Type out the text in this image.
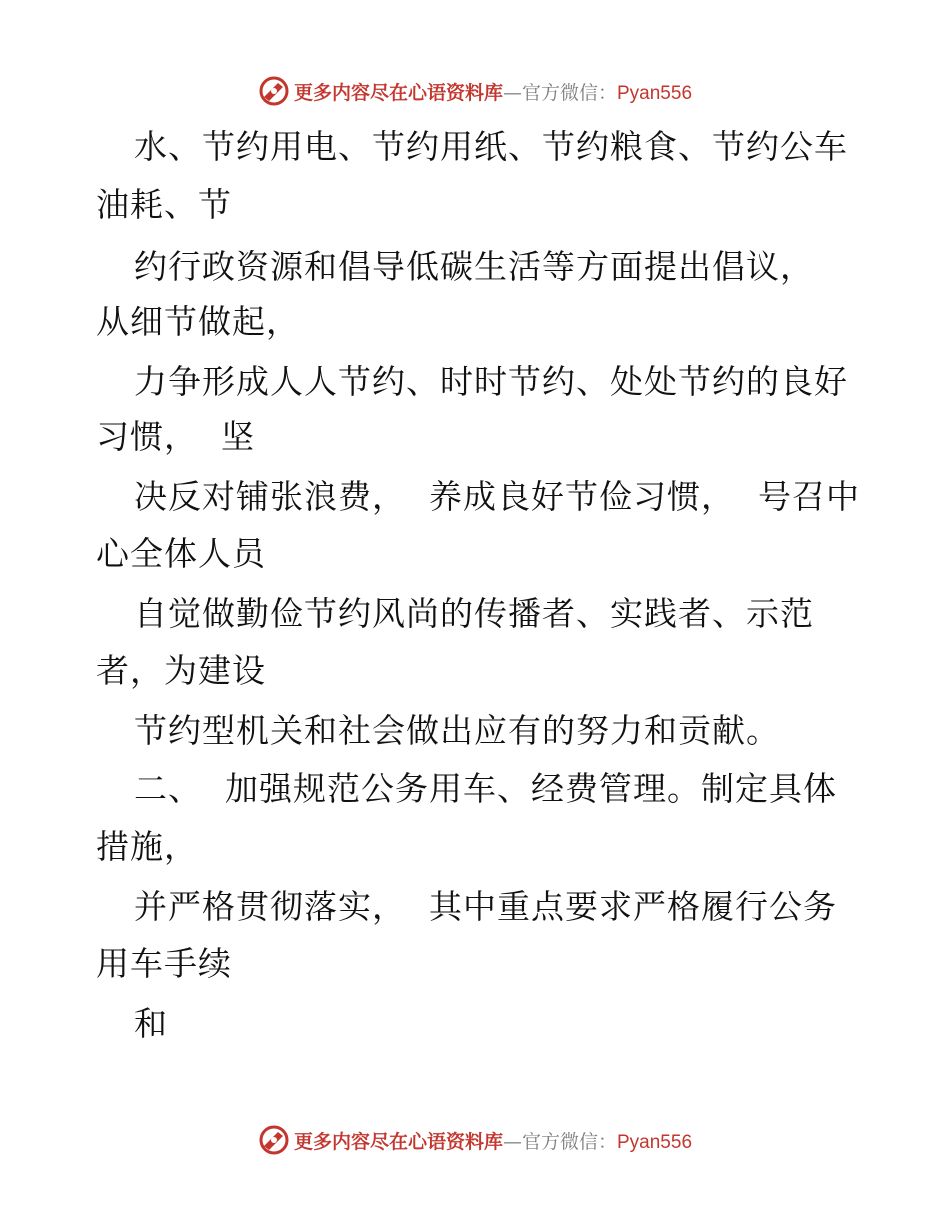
更多内容尽在心语资料库—官方微信：Pyan556
水、节约用电、节约用纸、节约粮食、节约公车
油耗、节
约行政资源和倡导低碳生活等方面提出倡议，
从细节做起，
力争形成人人节约、时时节约、处处节约的良好
习惯，  坚
决反对铺张浪费，  养成良好节俭习惯，  号召中
心全体人员
自觉做勤俭节约风尚的传播者、实践者、示范
者，为建设
节约型机关和社会做出应有的努力和贡献。
二、  加强规范公务用车、经费管理。制定具体
措施，
并严格贯彻落实，  其中重点要求严格履行公务
用车手续
和
更多内容尽在心语资料库—官方微信：Pyan556
